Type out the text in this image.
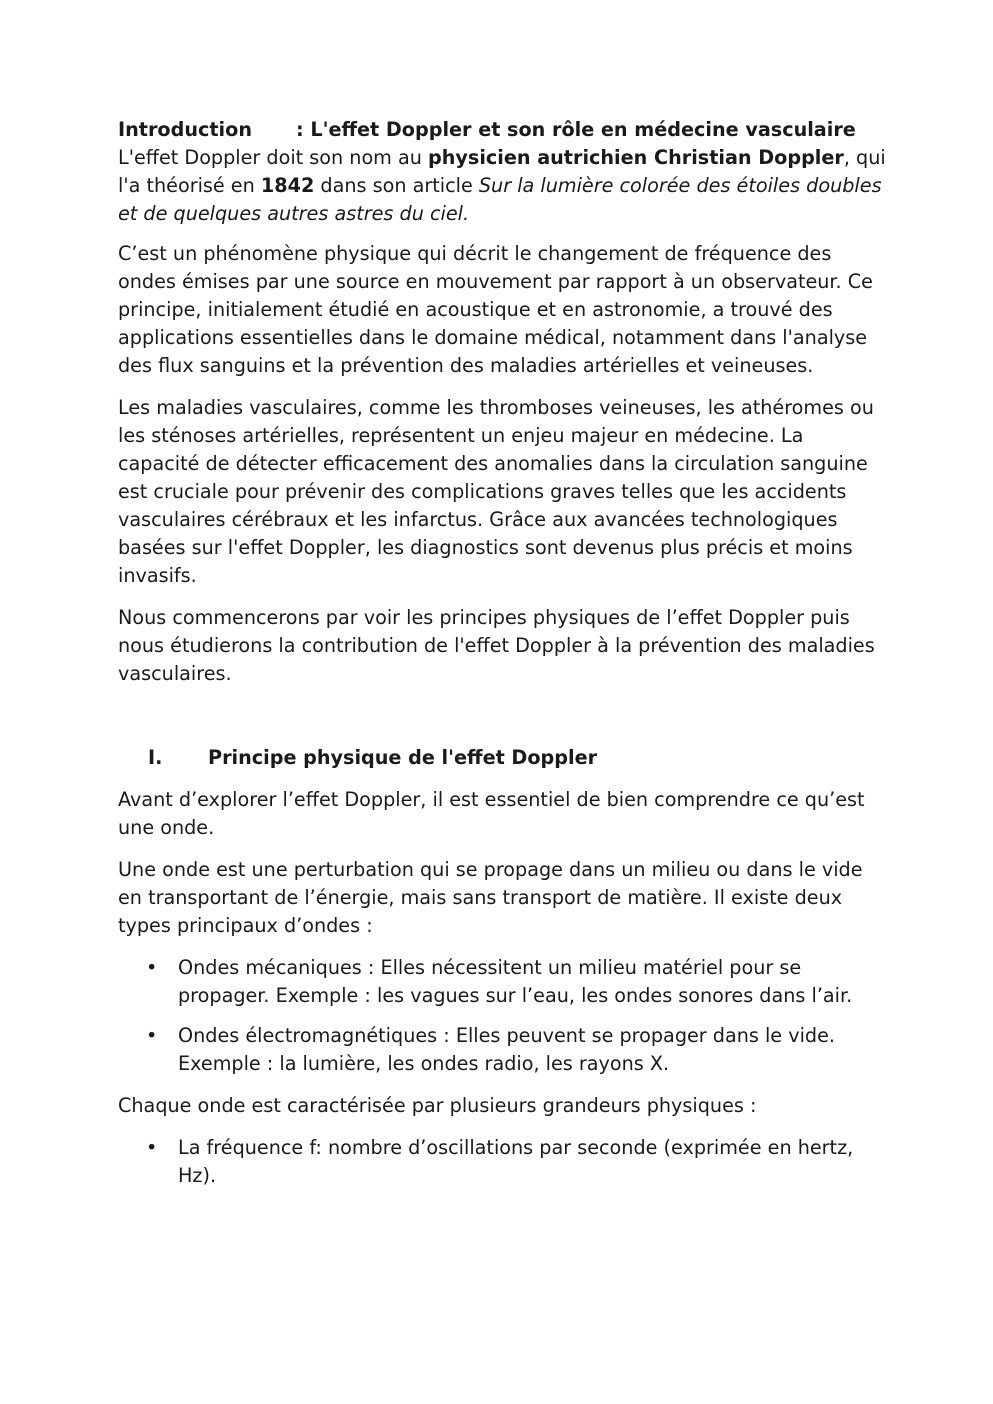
Introduction	: L'effet Doppler et son rôle en médecine vasculaire

L'effet Doppler doit son nom au physicien autrichien Christian Doppler, qui l'a théorisé en 1842 dans son article Sur la lumière colorée des étoiles doubles et de quelques autres astres du ciel.

C’est un phénomène physique qui décrit le changement de fréquence des ondes émises par une source en mouvement par rapport à un observateur. Ce principe, initialement étudié en acoustique et en astronomie, a trouvé des applications essentielles dans le domaine médical, notamment dans l'analyse des flux sanguins et la prévention des maladies artérielles et veineuses.

Les maladies vasculaires, comme les thromboses veineuses, les athéromes ou les sténoses artérielles, représentent un enjeu majeur en médecine. La capacité de détecter efficacement des anomalies dans la circulation sanguine est cruciale pour prévenir des complications graves telles que les accidents vasculaires cérébraux et les infarctus. Grâce aux avancées technologiques basées sur l'effet Doppler, les diagnostics sont devenus plus précis et moins invasifs.

Nous commencerons par voir les principes physiques de l’effet Doppler puis nous étudierons la contribution de l'effet Doppler à la prévention des maladies vasculaires.

I.	Principe physique de l'effet Doppler

Avant d’explorer l’effet Doppler, il est essentiel de bien comprendre ce qu’est une onde.

Une onde est une perturbation qui se propage dans un milieu ou dans le vide en transportant de l’énergie, mais sans transport de matière. Il existe deux types principaux d’ondes :

• Ondes mécaniques : Elles nécessitent un milieu matériel pour se propager. Exemple : les vagues sur l’eau, les ondes sonores dans l’air.
• Ondes électromagnétiques : Elles peuvent se propager dans le vide. Exemple : la lumière, les ondes radio, les rayons X.

Chaque onde est caractérisée par plusieurs grandeurs physiques :

• La fréquence f: nombre d’oscillations par seconde (exprimée en hertz, Hz).
